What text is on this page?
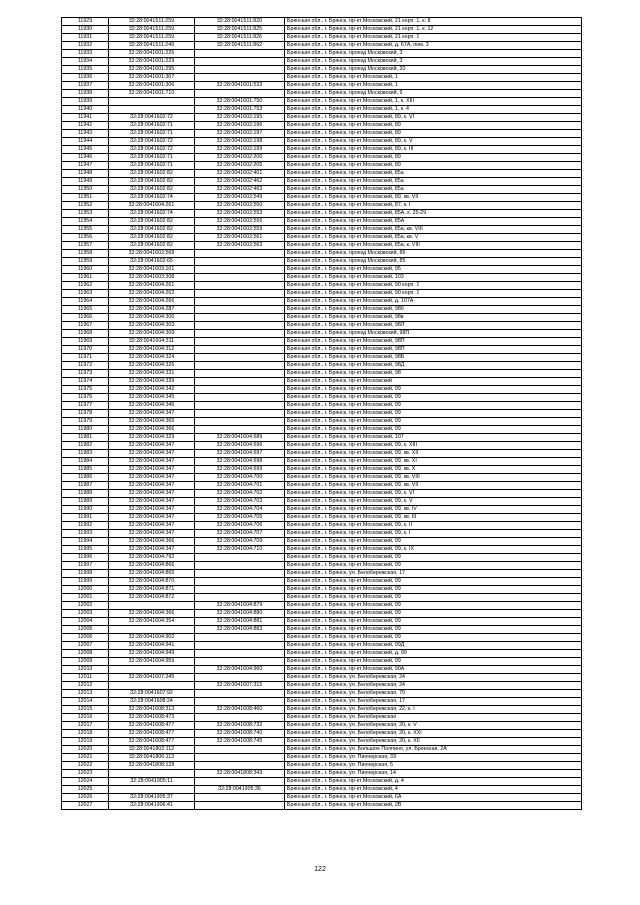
11929	32:28:0041511:259	32:28:0041511:820	Брянская обл., г. Брянск, пр-кт Московский, 21 корп. 1, к. 8
11930	32:28:0041511:259	32:28:0041511:825	Брянская обл., г. Брянск, пр-кт Московский, 21 корп. 1, к. 12
11931	32:28:0041511:259	32:28:0041511:826	Брянская обл., г. Брянск, пр-кт Московский, 21 корп. 1
11932	32:28:0041511:249	32:28:0041511:862	Брянская обл., г. Брянск, пр-кт Московский, д. 67А, пом. 3
11933	32:28:0041601:226		Брянская обл., г. Брянск, проезд Московский, 3
11934	32:28:0041601:229		Брянская обл., г. Брянск, проезд Московский, 3
11935	32:28:0041601:295		Брянская обл., г. Брянск, проезд Московский, 20
11936	32:28:0041601:307		Брянская обл., г. Брянск, пр-кт Московский, 1
11937	32:28:0041601:306	32:28:0041601:533	Брянская обл., г. Брянск, пр-кт Московский, 1
11938	32:28:0041601:710		Брянская обл., г. Брянск, проезд Московский, 9
11939		32:28:0041601:750	Брянская обл., г. Брянск, пр-кт Московский, 1, к. XIII
11940		32:28:0041601:753	Брянская обл., г. Брянск, пр-кт Московский, 1, к. 4
11941	32:28:0041602:72	32:28:0041602:195	Брянская обл., г. Брянск, пр-кт Московский, 89, к. VI
11942	32:28:0041602:71	32:28:0041602:196	Брянская обл., г. Брянск, пр-кт Московский, 89
11943	32:28:0041602:71	32:28:0041602:197	Брянская обл., г. Брянск, пр-кт Московский, 89
11944	32:28:0041602:72	32:28:0041602:198	Брянская обл., г. Брянск, пр-кт Московский, 89, к. V
11945	32:28:0041602:72	32:28:0041602:199	Брянская обл., г. Брянск, пр-кт Московский, 89, к. III
11946	32:28:0041602:71	32:28:0041602:200	Брянская обл., г. Брянск, пр-кт Московский, 89
11947	32:28:0041602:71	32:28:0041602:205	Брянская обл., г. Брянск, пр-кт Московский, 89
11948	32:28:0041602:82	32:28:0041602:401	Брянская обл., г. Брянск, пр-кт Московский, 85а
11949	32:28:0041602:82	32:28:0041602:462	Брянская обл., г. Брянск, пр-кт Московский, 85а
11950	32:28:0041602:82	32:28:0041602:463	Брянская обл., г. Брянск, пр-кт Московский, 85а
11951	32:28:0041602:74	32:28:0041602:549	Брянская обл., г. Брянск, пр-кт Московский, 89, кв. VII
11952	32:28:0041604:261	32:28:0041602:550	Брянская обл., г. Брянск, пр-кт Московский, 87, к. I
11953	32:28:0041602:74	32:28:0041602:553	Брянская обл., г. Брянск, пр-кт Московский, 85А, к. 25-29
11954	32:28:0041602:82	32:28:0041602:556	Брянская обл., г. Брянск, пр-кт Московский, 85А
11955	32:28:0041602:82	32:28:0041602:559	Брянская обл., г. Брянск, пр-кт Московский, 85а, кв. VIII
11956	32:28:0041602:82	32:28:0041602:561	Брянская обл., г. Брянск, пр-кт Московский, 85а, кв. V
11957	32:28:0041602:82	32:28:0041602:563	Брянская обл., г. Брянск, пр-кт Московский, 85а, к. VIII
11958	32:28:0041602:568		Брянская обл., г. Брянск, проезд Московский, 86
11959	32:28:0041602:65		Брянская обл., г. Брянск, проезд Московский, 85
11960	32:28:0041603:101		Брянская обл., г. Брянск, пр-кт Московский, 95
11961	32:28:0041603:308		Брянская обл., г. Брянск, пр-кт Московский, 103
11962	32:28:0041604:261		Брянская обл., г. Брянск, пр-кт Московский, 90 корп. 1
11963	32:28:0041604:262		Брянская обл., г. Брянск, пр-кт Московский, 90 корп. 1
11964	32:28:0041604:266		Брянская обл., г. Брянск, пр-кт Московский, д. 107А
11965	32:28:0041604:287		Брянская обл., г. Брянск, пр-кт Московский, 98б
11966	32:28:0041604:300		Брянская обл., г. Брянск, пр-кт Московский, 98в
11967	32:28:0041604:303		Брянская обл., г. Брянск, пр-кт Московский, 98Л
11968	32:28:0041604:309		Брянская обл., г. Брянск, проезд Московский, 98П
11969	32:28:0041604:311		Брянская обл., г. Брянск, пр-кт Московский, 98П
11970	32:28:0041604:312		Брянская обл., г. Брянск, пр-кт Московский, 98П
11971	32:28:0041604:324		Брянская обл., г. Брянск, пр-кт Московский, 98Б
11972	32:28:0041604:326		Брянская обл., г. Брянск, пр-кт Московский, 98Д
11973	32:28:0041604:331		Брянская обл., г. Брянск, пр-кт Московский, 98
11974	32:28:0041604:339		Брянская обл., г. Брянск, пр-кт Московский
11975	32:28:0041604:342		Брянская обл., г. Брянск, пр-кт Московский, 99
11976	32:28:0041604:345		Брянская обл., г. Брянск, пр-кт Московский, 99
11977	32:28:0041604:346		Брянская обл., г. Брянск, пр-кт Московский, 99
11978	32:28:0041604:347		Брянская обл., г. Брянск, пр-кт Московский, 99
11979	32:28:0041604:365		Брянская обл., г. Брянск, пр-кт Московский, 99
11980	32:28:0041604:366		Брянская обл., г. Брянск, пр-кт Московский, 99
11981	32:28:0041604:329	32:28:0041604:689	Брянская обл., г. Брянск, пр-кт Московский, 107
11982	32:28:0041604:347	32:28:0041604:696	Брянская обл., г. Брянск, пр-кт Московский, 99, к. XIII
11983	32:28:0041604:347	32:28:0041604:697	Брянская обл., г. Брянск, пр-кт Московский, 99, кв. XII
11984	32:28:0041604:347	32:28:0041604:698	Брянская обл., г. Брянск, пр-кт Московский, 99, кв. XI
11985	32:28:0041604:347	32:28:0041604:699	Брянская обл., г. Брянск, пр-кт Московский, 99, кв. X
11986	32:28:0041604:347	32:28:0041604:700	Брянская обл., г. Брянск, пр-кт Московский, 99, кв. VIII
11987	32:28:0041604:347	32:28:0041604:701	Брянская обл., г. Брянск, пр-кт Московский, 99, кв. VII
11988	32:28:0041604:347	32:28:0041604:702	Брянская обл., г. Брянск, пр-кт Московский, 99, к. VI
11989	32:28:0041604:347	32:28:0041604:703	Брянская обл., г. Брянск, пр-кт Московский, 99, к. V
11990	32:28:0041604:347	32:28:0041604:704	Брянская обл., г. Брянск, пр-кт Московский, 99, кв. IV
11991	32:28:0041604:347	32:28:0041604:705	Брянская обл., г. Брянск, пр-кт Московский, 99, кв. III
11992	32:28:0041604:347	32:28:0041604:706	Брянская обл., г. Брянск, пр-кт Московский, 99, к. II
11993	32:28:0041604:347	32:28:0041604:707	Брянская обл., г. Брянск, пр-кт Московский, 99, к. I
11994	32:28:0041604:366	32:28:0041604:709	Брянская обл., г. Брянск, пр-кт Московский, 99
11995	32:28:0041604:347	32:28:0041604:710	Брянская обл., г. Брянск, пр-кт Московский, 99, к. IX
11996	32:28:0041604:792		Брянская обл., г. Брянск, пр-кт Московский, 99
11997	32:28:0041604:866		Брянская обл., г. Брянск, пр-кт Московский, 99
11998	32:28:0041604:865		Брянская обл., г. Брянск, ул. Белобережская, 17
11999	32:28:0041604:870		Брянская обл., г. Брянск, пр-кт Московский, 99
12000	32:28:0041604:871		Брянская обл., г. Брянск, пр-кт Московский, 99
12001	32:28:0041604:872		Брянская обл., г. Брянск, пр-кт Московский, 99
12002		32:28:0041604:879	Брянская обл., г. Брянск, пр-кт Московский, 99
12003	32:28:0041604:366	32:28:0041604:880	Брянская обл., г. Брянск, пр-кт Московский, 99
12004	32:28:0041604:354	32:28:0041604:881	Брянская обл., г. Брянск, пр-кт Московский, 99
12005		32:28:0041604:883	Брянская обл., г. Брянск, пр-кт Московский, 99
12006	32:28:0041604:902		Брянская обл., г. Брянск, пр-кт Московский, 99
12007	32:28:0041604:941		Брянская обл., г. Брянск, пр-кт Московский, 99Д
12008	32:28:0041604:949		Брянская обл., г. Брянск, пр-кт Московский, д. 99
12009	32:28:0041604:959		Брянская обл., г. Брянск, пр-кт Московский, 99
12010		32:28:0041604:960	Брянская обл., г. Брянск, пр-кт Московский, 90А
12011	32:28:0041607:245		Брянская обл., г. Брянск, ул. Белобережская, 24
12012		32:28:0041607:315	Брянская обл., г. Брянск, ул. Белобережская, 24
12013	32:28:0041607:92		Брянская обл., г. Брянск, ул. Белобережская, 70
12014	32:28:0041608:24		Брянская обл., г. Брянск, ул. Белобережская, 17
12015	32:28:0041608:313	32:28:0041608:460	Брянская обл., г. Брянск, ул. Белобережская, 22, к. I
12016	32:28:0041608:473		Брянская обл., г. Брянск, ул. Белобережская
12017	32:28:0041608:477	32:28:0041608:732	Брянская обл., г. Брянск, ул. Белобережская, 20, к. V
12018	32:28:0041608:477	32:28:0041608:740	Брянская обл., г. Брянск, ул. Белобережская, 20, к. XXI
12019	32:28:0041608:477	32:28:0041608:745	Брянская обл., г. Брянск, ул. Белобережская, 20, к. XII
12020	32:28:0041802:112		Брянская обл., г. Брянск, ул. Большое Полпино, ул. Брянская, 2А
12021	32:28:0041806:113		Брянская обл., г. Брянск, ул. Пионерская, 33
12022	32:28:0041808:128		Брянская обл., г. Брянск, ул. Пионерская, 5
12023		32:28:0041808:343	Брянская обл., г. Брянск, ул. Пионерская, 14
12024	32:28:0041905:11		Брянская обл., г. Брянск, пр-кт Московский, д. 4
12025		32:28:0041905:36	Брянская обл., г. Брянск, пр-кт Московский, 4
12026	32:28:0041905:37		Брянская обл., г. Брянск, пр-кт Московский, 6А
12027	32:28:0041906:41		Брянская обл., г. Брянск, пр-кт Московский, 2В
122
